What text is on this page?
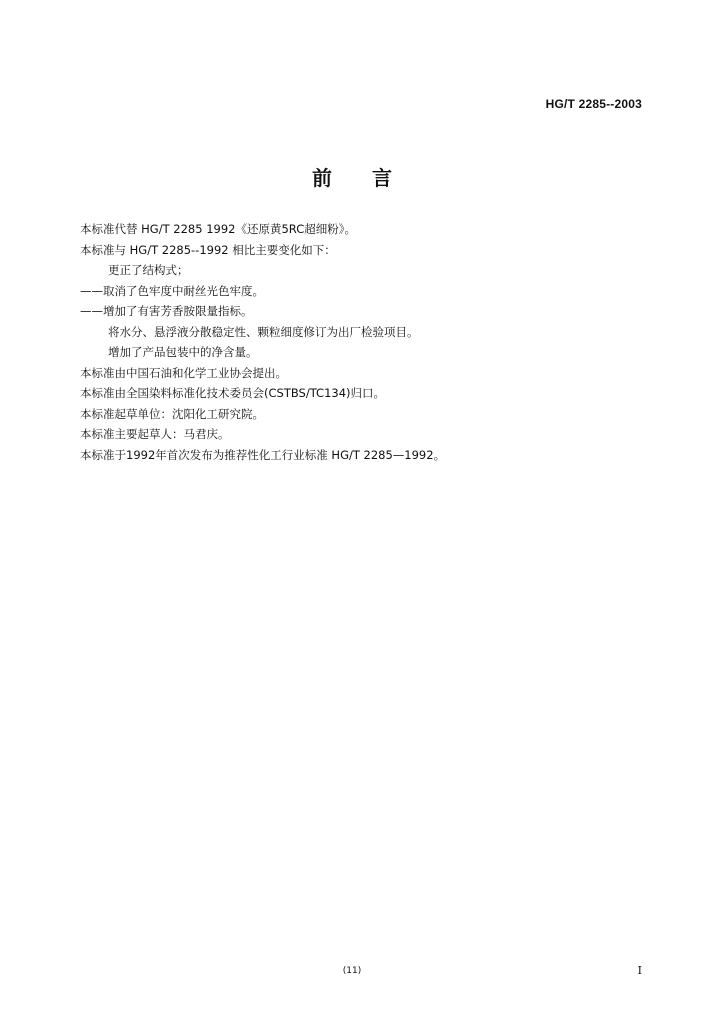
HG/T 2285--2003
前言
本标准代替 HG/T 2285 1992《还原黄5RC超细粉》。
本标准与 HG/T 2285--1992 相比主要变化如下：
更正了结构式；
——取消了色牢度中耐丝光色牢度。
——增加了有害芳香胺限量指标。
将水分、悬浮液分散稳定性、颗粒细度修订为出厂检验项目。
增加了产品包装中的净含量。
本标准由中国石油和化学工业协会提出。
本标准由全国染料标准化技术委员会(CSTBS/TC134)归口。
本标准起草单位：沈阳化工研究院。
本标准主要起草人：马君庆。
本标准于1992年首次发布为推荐性化工行业标准 HG/T 2285—1992。
(11)	I
